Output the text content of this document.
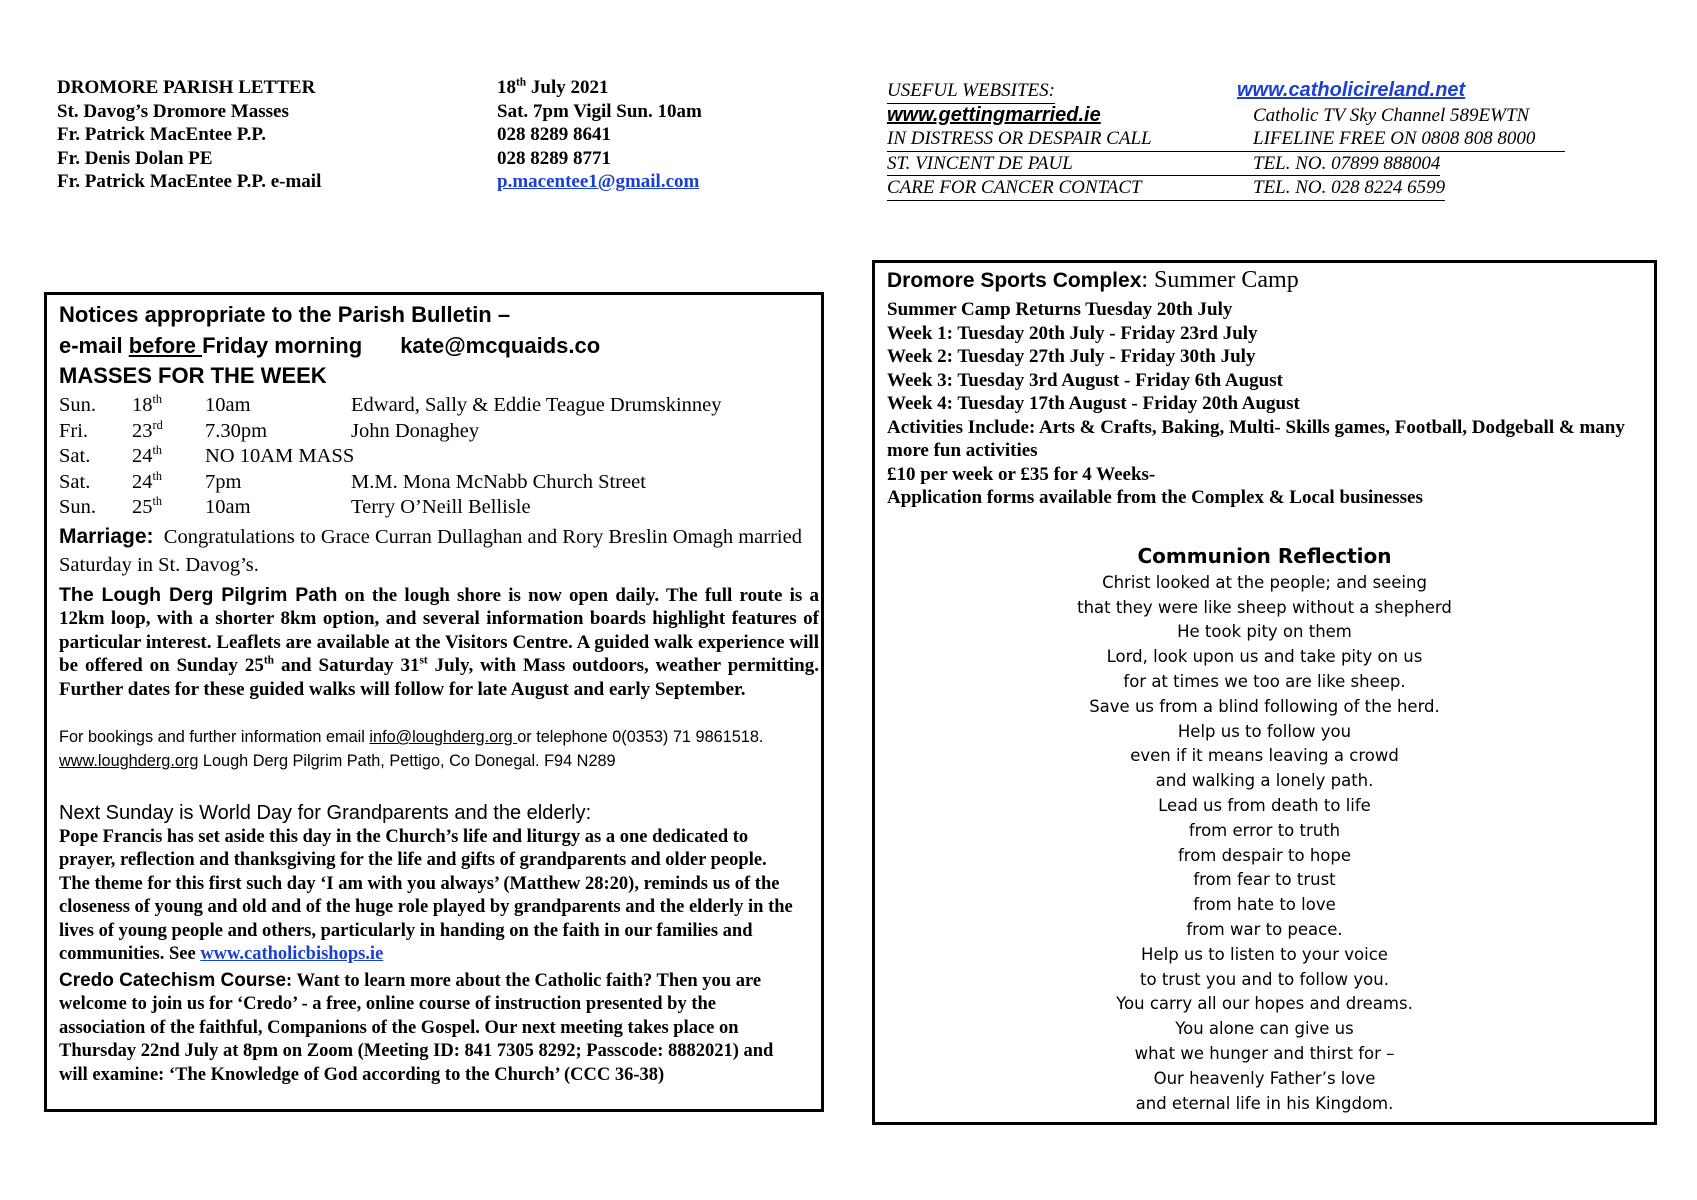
DROMORE PARISH LETTER	18th July 2021
St. Davog’s Dromore Masses	Sat. 7pm Vigil Sun. 10am
Fr. Patrick MacEntee P.P.	028 8289 8641
Fr. Denis Dolan PE	028 8289 8771
Fr. Patrick MacEntee P.P. e-mail	p.macentee1@gmail.com
USEFUL WEBSITES:	www.catholicireland.net
www.gettingmarried.ie	Catholic TV Sky Channel 589EWTN
IN DISTRESS OR DESPAIR CALL	LIFELINE FREE ON 0808 808 8000
ST. VINCENT DE PAUL	TEL. NO. 07899 888004
CARE FOR CANCER CONTACT	TEL. NO. 028 8224 6599
Notices appropriate to the Parish Bulletin –
e-mail before Friday morning kate@mcquaids.co
MASSES FOR THE WEEK
Sun.	18th	10am	Edward, Sally & Eddie Teague Drumskinney
Fri.	23rd	7.30pm	John Donaghey
Sat.	24th	NO 10AM MASS
Sat.	24th	7pm	M.M. Mona McNabb Church Street
Sun.	25th	10am	Terry O’Neill Bellisle
Marriage: Congratulations to Grace Curran Dullaghan and Rory Breslin Omagh married Saturday in St. Davog’s.
The Lough Derg Pilgrim Path on the lough shore is now open daily. The full route is a 12km loop, with a shorter 8km option, and several information boards highlight features of particular interest. Leaflets are available at the Visitors Centre. A guided walk experience will be offered on Sunday 25th and Saturday 31st July, with Mass outdoors, weather permitting. Further dates for these guided walks will follow for late August and early September.
For bookings and further information email info@loughderg.org or telephone 0(0353) 71 9861518. www.loughderg.org Lough Derg Pilgrim Path, Pettigo, Co Donegal. F94 N289
Next Sunday is World Day for Grandparents and the elderly:
Pope Francis has set aside this day in the Church’s life and liturgy as a one dedicated to prayer, reflection and thanksgiving for the life and gifts of grandparents and older people. The theme for this first such day ‘I am with you always’ (Matthew 28:20), reminds us of the closeness of young and old and of the huge role played by grandparents and the elderly in the lives of young people and others, particularly in handing on the faith in our families and communities. See www.catholicbishops.ie
Credo Catechism Course: Want to learn more about the Catholic faith? Then you are welcome to join us for ‘Credo’ - a free, online course of instruction presented by the association of the faithful, Companions of the Gospel. Our next meeting takes place on Thursday 22nd July at 8pm on Zoom (Meeting ID: 841 7305 8292; Passcode: 8882021) and will examine: ‘The Knowledge of God according to the Church’ (CCC 36-38)
Dromore Sports Complex: Summer Camp
Summer Camp Returns Tuesday 20th July
Week 1: Tuesday 20th July - Friday 23rd July
Week 2: Tuesday 27th July - Friday 30th July
Week 3: Tuesday 3rd August - Friday 6th August
Week 4: Tuesday 17th August - Friday 20th August
Activities Include: Arts & Crafts, Baking, Multi- Skills games, Football, Dodgeball & many more fun activities
£10 per week or £35 for 4 Weeks-
Application forms available from the Complex & Local businesses
Communion Reflection
Christ looked at the people; and seeing
that they were like sheep without a shepherd
He took pity on them
Lord, look upon us and take pity on us
for at times we too are like sheep.
Save us from a blind following of the herd.
Help us to follow you
even if it means leaving a crowd
and walking a lonely path.
Lead us from death to life
from error to truth
from despair to hope
from fear to trust
from hate to love
from war to peace.
Help us to listen to your voice
to trust you and to follow you.
You carry all our hopes and dreams.
You alone can give us
what we hunger and thirst for –
Our heavenly Father’s love
and eternal life in his Kingdom.
